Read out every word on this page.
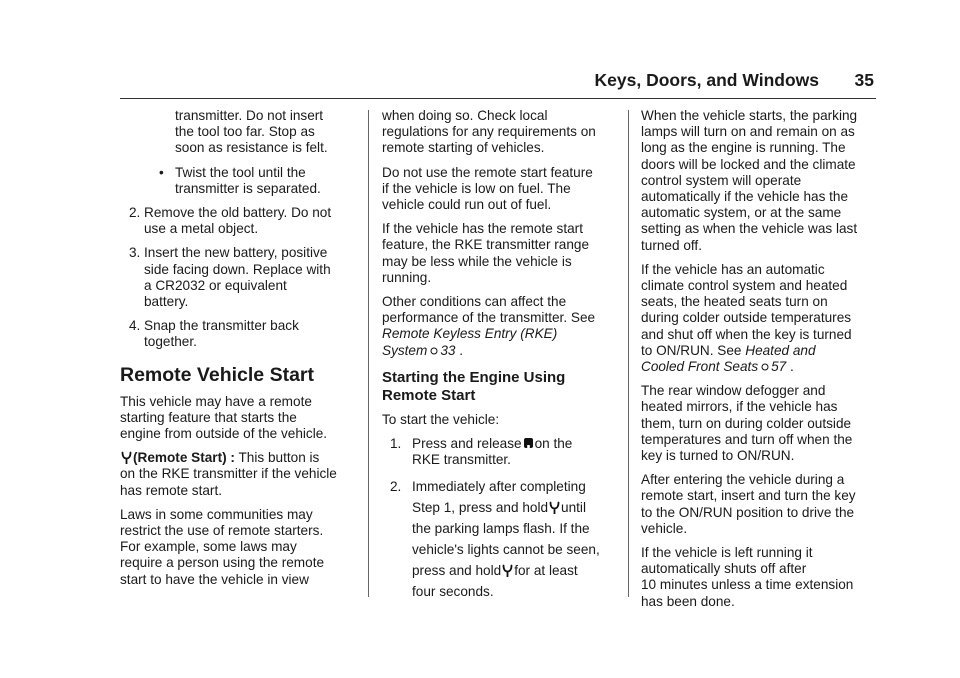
Keys, Doors, and Windows 35

transmitter. Do not insert
the tool too far. Stop as
soon as resistance is felt.

• Twist the tool until the
transmitter is separated.
2. Remove the old battery. Do not
use a metal object.
3. Insert the new battery, positive
side facing down. Replace with
a CR2032 or equivalent
battery.
4. Snap the transmitter back
together.
Remote Vehicle Start

This vehicle may have a remote
starting feature that starts the
engine from outside of the vehicle.

(Remote Start) : This button is
on the RKE transmitter if the vehicle
has remote start.

Laws in some communities may
restrict the use of remote starters.
For example, some laws may
require a person using the remote
start to have the vehicle in view

when doing so. Check local
regulations for any requirements on
remote starting of vehicles.

Do not use the remote start feature
if the vehicle is low on fuel. The
vehicle could run out of fuel.

If the vehicle has the remote start
feature, the RKE transmitter range
may be less while the vehicle is
running.

Other conditions can affect the
performance of the transmitter. See
Remote Keyless Entry (RKE)
System 33 .

Starting the Engine Using
Remote Start

To start the vehicle:

1. Press and release on the
RKE transmitter.
2. Immediately after completing
Step 1, press and hold until
the parking lamps flash. If the
vehicle's lights cannot be seen,
press and hold for at least
four seconds.

When the vehicle starts, the parking
lamps will turn on and remain on as
long as the engine is running. The
doors will be locked and the climate
control system will operate
automatically if the vehicle has the
automatic system, or at the same
setting as when the vehicle was last
turned off.

If the vehicle has an automatic
climate control system and heated
seats, the heated seats turn on
during colder outside temperatures
and shut off when the key is turned
to ON/RUN. See Heated and
Cooled Front Seats 57 .

The rear window defogger and
heated mirrors, if the vehicle has
them, turn on during colder outside
temperatures and turn off when the
key is turned to ON/RUN.

After entering the vehicle during a
remote start, insert and turn the key
to the ON/RUN position to drive the
vehicle.

If the vehicle is left running it
automatically shuts off after
10 minutes unless a time extension
has been done.
